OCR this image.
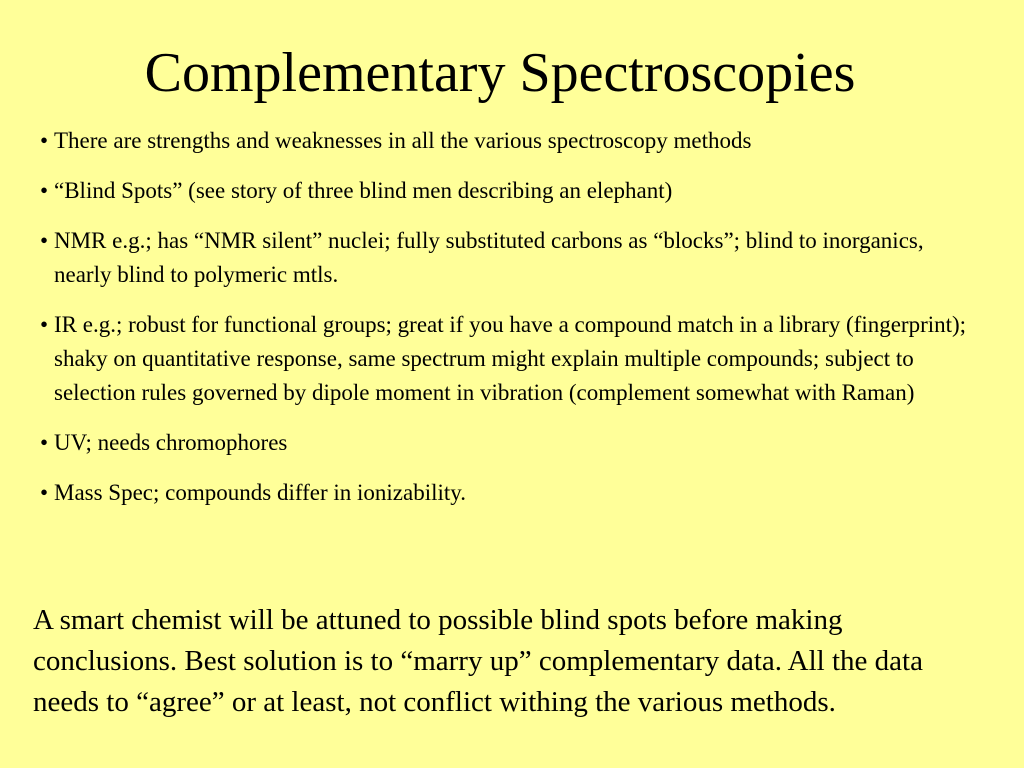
Complementary Spectroscopies
• There are strengths and weaknesses in all the various spectroscopy methods
• “Blind Spots” (see story of three blind men describing an elephant)
• NMR e.g.; has “NMR silent” nuclei; fully substituted carbons as “blocks”; blind to inorganics, nearly blind to polymeric mtls.
• IR e.g.; robust for functional groups; great if you have a compound match in a library (fingerprint); shaky on quantitative response, same spectrum might explain multiple compounds; subject to selection rules governed by dipole moment in vibration (complement somewhat with Raman)
• UV; needs chromophores
• Mass Spec; compounds differ in ionizability.

A smart chemist will be attuned to possible blind spots before making conclusions. Best solution is to “marry up” complementary data. All the data needs to “agree” or at least, not conflict withing the various methods.
